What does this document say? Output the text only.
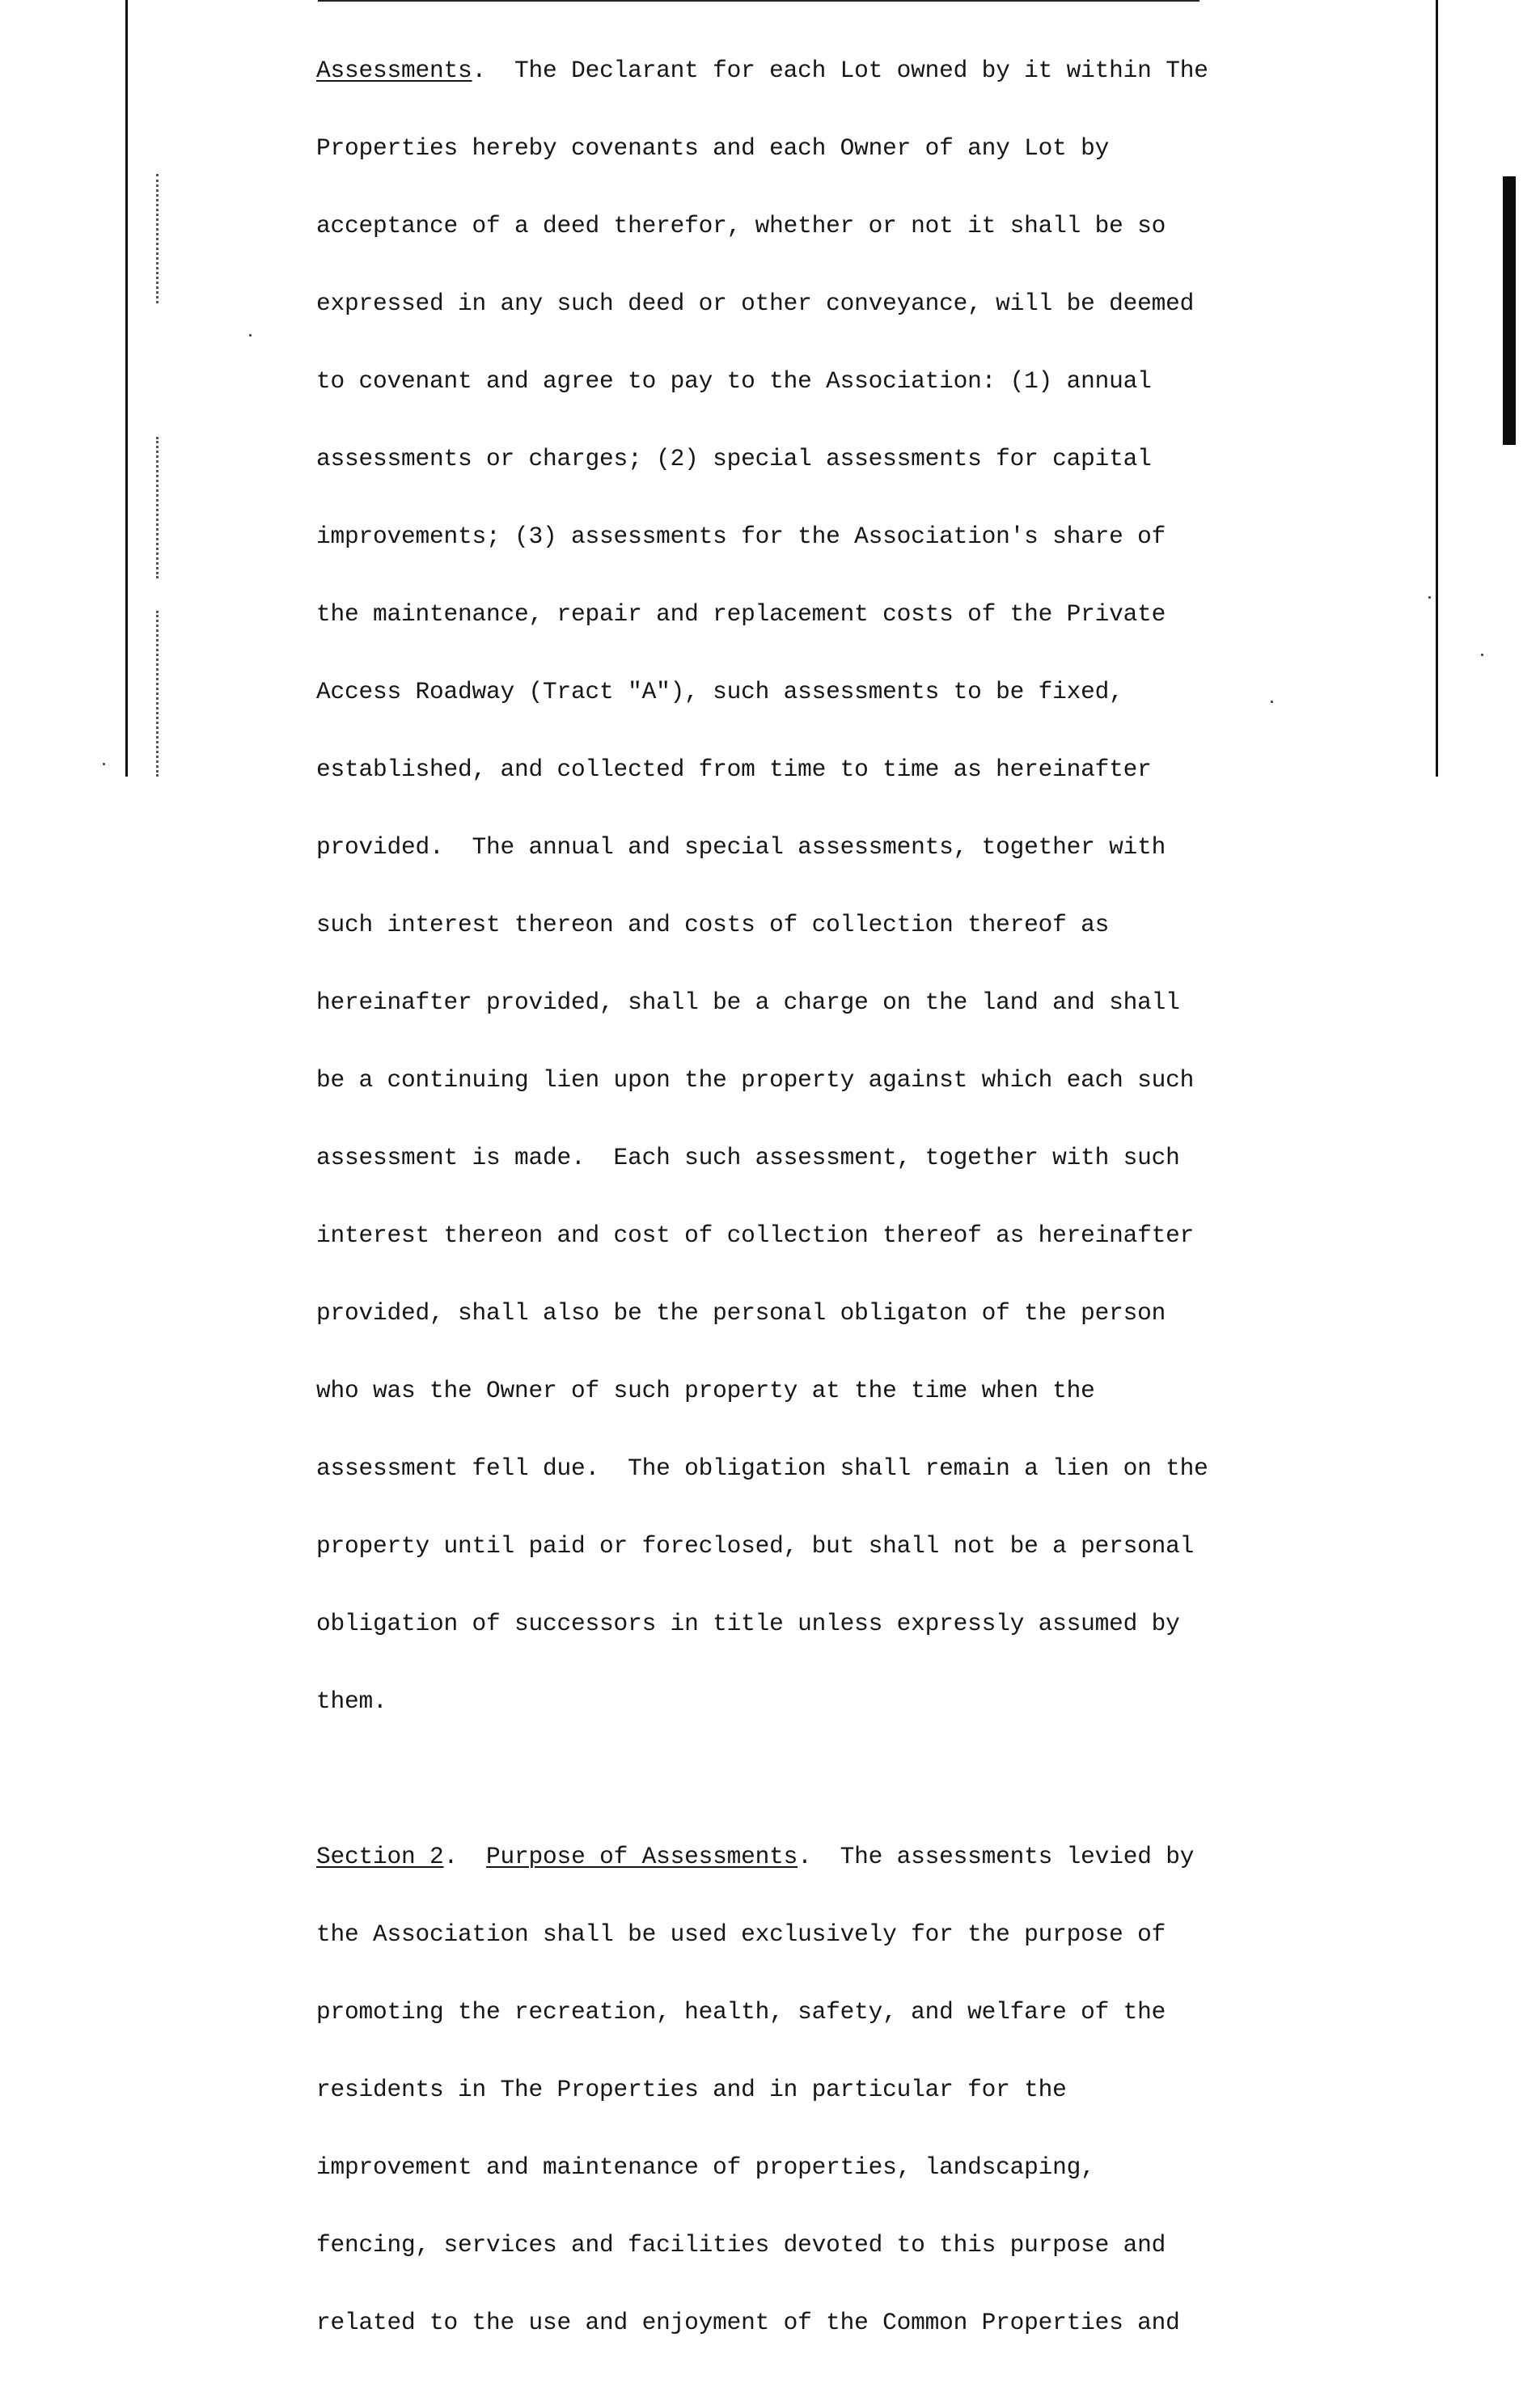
Assessments.  The Declarant for each Lot owned by it within The

Properties hereby covenants and each Owner of any Lot by

acceptance of a deed therefor, whether or not it shall be so

expressed in any such deed or other conveyance, will be deemed

to covenant and agree to pay to the Association: (1) annual

assessments or charges; (2) special assessments for capital

improvements; (3) assessments for the Association's share of

the maintenance, repair and replacement costs of the Private

Access Roadway (Tract "A"), such assessments to be fixed,

established, and collected from time to time as hereinafter

provided.  The annual and special assessments, together with

such interest thereon and costs of collection thereof as

hereinafter provided, shall be a charge on the land and shall

be a continuing lien upon the property against which each such

assessment is made.  Each such assessment, together with such

interest thereon and cost of collection thereof as hereinafter

provided, shall also be the personal obligaton of the person

who was the Owner of such property at the time when the

assessment fell due.  The obligation shall remain a lien on the

property until paid or foreclosed, but shall not be a personal

obligation of successors in title unless expressly assumed by

them.

Section 2.  Purpose of Assessments.  The assessments levied by

the Association shall be used exclusively for the purpose of

promoting the recreation, health, safety, and welfare of the

residents in The Properties and in particular for the

improvement and maintenance of properties, landscaping,

fencing, services and facilities devoted to this purpose and

related to the use and enjoyment of the Common Properties and
